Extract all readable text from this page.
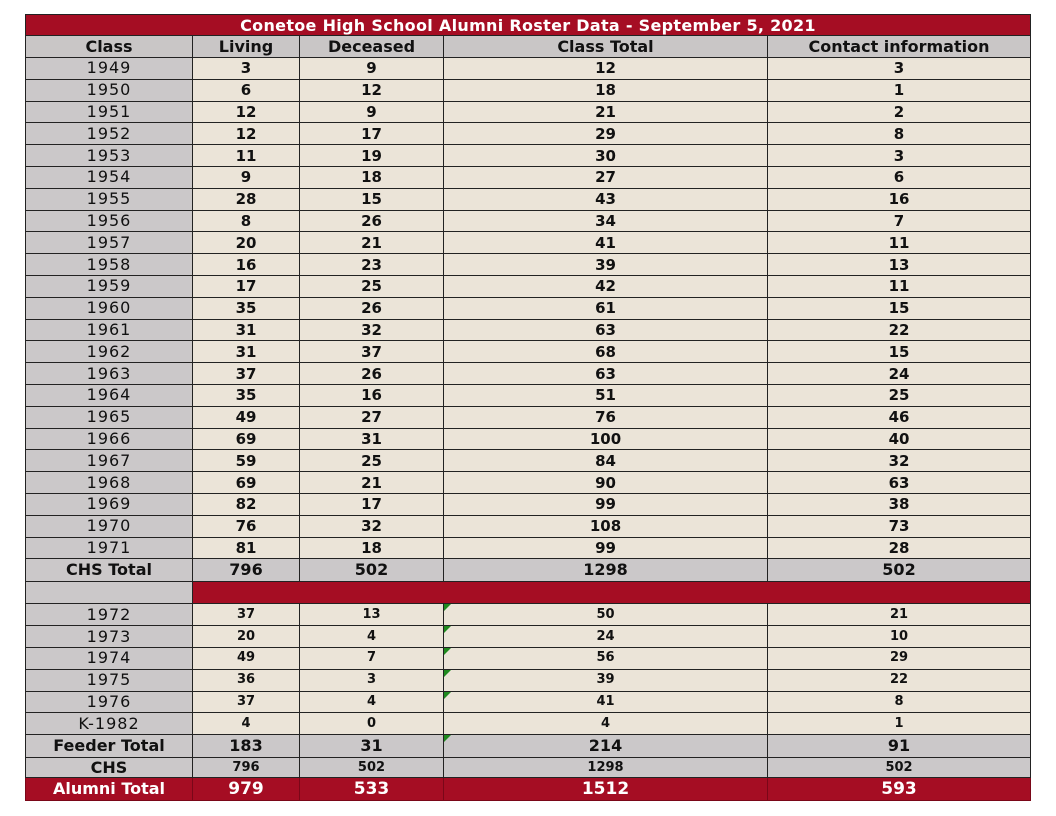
Conetoe High School Alumni Roster Data - September 5, 2021				
Class	Living	Deceased	Class Total	Contact information
1949	3	9	12	3
1950	6	12	18	1
1951	12	9	21	2
1952	12	17	29	8
1953	11	19	30	3
1954	9	18	27	6
1955	28	15	43	16
1956	8	26	34	7
1957	20	21	41	11
1958	16	23	39	13
1959	17	25	42	11
1960	35	26	61	15
1961	31	32	63	22
1962	31	37	68	15
1963	37	26	63	24
1964	35	16	51	25
1965	49	27	76	46
1966	69	31	100	40
1967	59	25	84	32
1968	69	21	90	63
1969	82	17	99	38
1970	76	32	108	73
1971	81	18	99	28
CHS Total	796	502	1298	502

1972	37	13	50	21
1973	20	4	24	10
1974	49	7	56	29
1975	36	3	39	22
1976	37	4	41	8
K-1982	4	0	4	1
Feeder Total	183	31	214	91
CHS	796	502	1298	502
Alumni Total	979	533	1512	593
